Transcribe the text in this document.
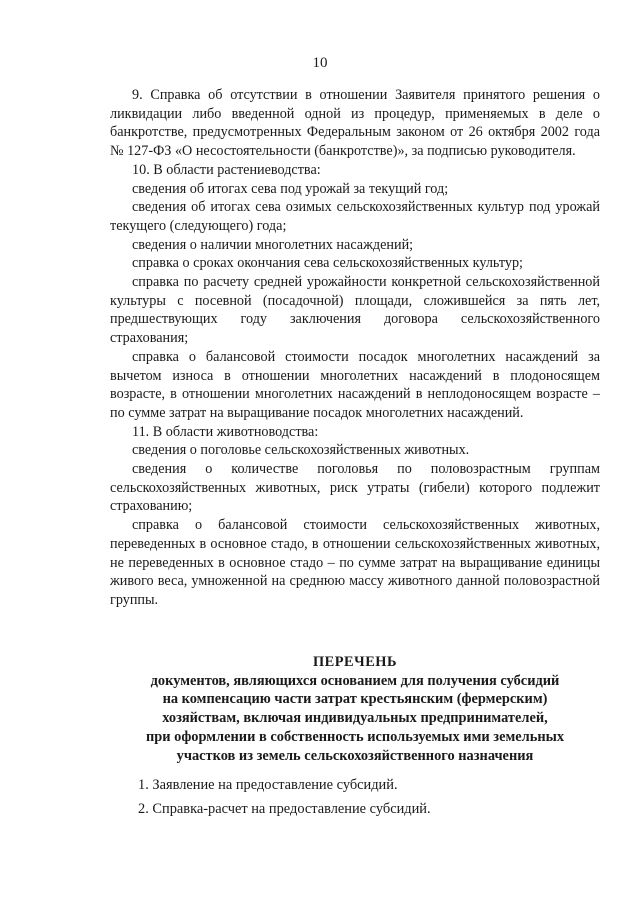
10

9. Справка об отсутствии в отношении Заявителя принятого решения о ликвидации либо введенной одной из процедур, применяемых в деле о банкротстве, предусмотренных Федеральным законом от 26 октября 2002 года № 127-ФЗ «О несостоятельности (банкротстве)», за подписью руководителя.

10. В области растениеводства:

сведения об итогах сева под урожай за текущий год;

сведения об итогах сева озимых сельскохозяйственных культур под урожай текущего (следующего) года;

сведения о наличии многолетних насаждений;

справка о сроках окончания сева сельскохозяйственных культур;

справка по расчету средней урожайности конкретной сельскохозяйственной культуры с посевной (посадочной) площади, сложившейся за пять лет, предшествующих году заключения договора сельскохозяйственного страхования;

справка о балансовой стоимости посадок многолетних насаждений за вычетом износа в отношении многолетних насаждений в плодоносящем возрасте, в отношении многолетних насаждений в неплодоносящем возрасте – по сумме затрат на выращивание посадок многолетних насаждений.

11. В области животноводства:

сведения о поголовье сельскохозяйственных животных.

сведения о количестве поголовья по половозрастным группам сельскохозяйственных животных, риск утраты (гибели) которого подлежит страхованию;

справка о балансовой стоимости сельскохозяйственных животных, переведенных в основное стадо, в отношении сельскохозяйственных животных, не переведенных в основное стадо – по сумме затрат на выращивание единицы живого веса, умноженной на среднюю массу животного данной половозрастной группы.

ПЕРЕЧЕНЬ
документов, являющихся основанием для получения субсидий
на компенсацию части затрат крестьянским (фермерским)
хозяйствам, включая индивидуальных предпринимателей,
при оформлении в собственность используемых ими земельных
участков из земель сельскохозяйственного назначения
1. Заявление на предоставление субсидий.
2. Справка-расчет на предоставление субсидий.
